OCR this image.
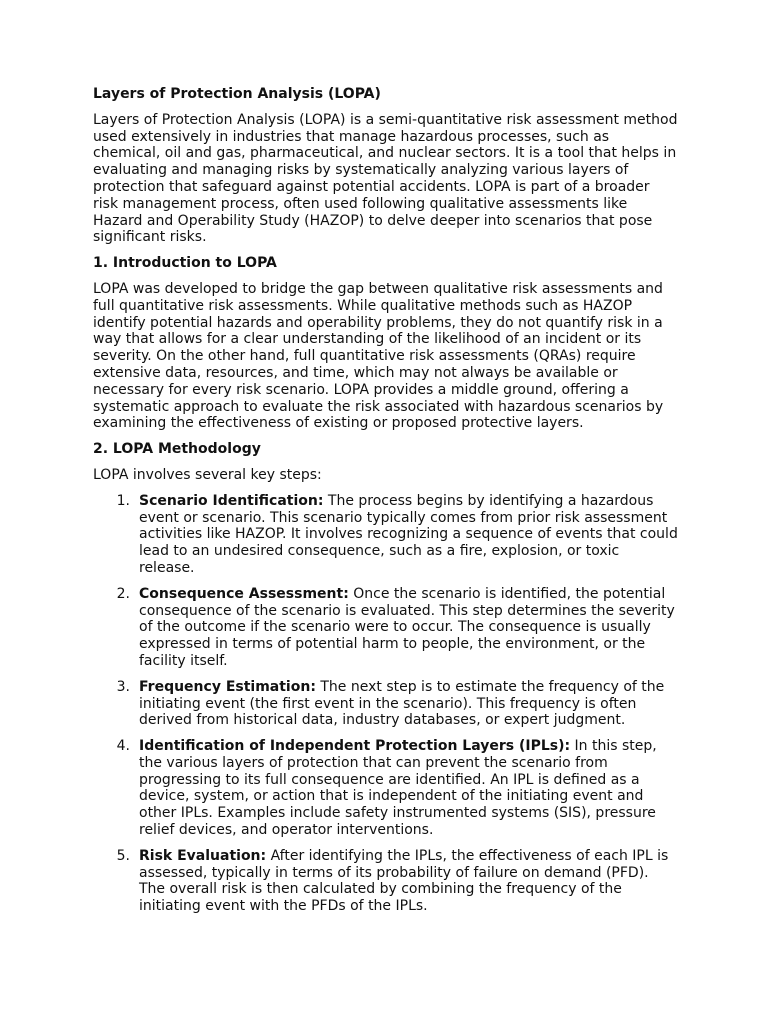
Layers of Protection Analysis (LOPA)

Layers of Protection Analysis (LOPA) is a semi-quantitative risk assessment method used extensively in industries that manage hazardous processes, such as chemical, oil and gas, pharmaceutical, and nuclear sectors. It is a tool that helps in evaluating and managing risks by systematically analyzing various layers of protection that safeguard against potential accidents. LOPA is part of a broader risk management process, often used following qualitative assessments like Hazard and Operability Study (HAZOP) to delve deeper into scenarios that pose significant risks.

1. Introduction to LOPA

LOPA was developed to bridge the gap between qualitative risk assessments and full quantitative risk assessments. While qualitative methods such as HAZOP identify potential hazards and operability problems, they do not quantify risk in a way that allows for a clear understanding of the likelihood of an incident or its severity. On the other hand, full quantitative risk assessments (QRAs) require extensive data, resources, and time, which may not always be available or necessary for every risk scenario. LOPA provides a middle ground, offering a systematic approach to evaluate the risk associated with hazardous scenarios by examining the effectiveness of existing or proposed protective layers.

2. LOPA Methodology

LOPA involves several key steps:

1. Scenario Identification: The process begins by identifying a hazardous event or scenario. This scenario typically comes from prior risk assessment activities like HAZOP. It involves recognizing a sequence of events that could lead to an undesired consequence, such as a fire, explosion, or toxic release.
2. Consequence Assessment: Once the scenario is identified, the potential consequence of the scenario is evaluated. This step determines the severity of the outcome if the scenario were to occur. The consequence is usually expressed in terms of potential harm to people, the environment, or the facility itself.
3. Frequency Estimation: The next step is to estimate the frequency of the initiating event (the first event in the scenario). This frequency is often derived from historical data, industry databases, or expert judgment.
4. Identification of Independent Protection Layers (IPLs): In this step, the various layers of protection that can prevent the scenario from progressing to its full consequence are identified. An IPL is defined as a device, system, or action that is independent of the initiating event and other IPLs. Examples include safety instrumented systems (SIS), pressure relief devices, and operator interventions.
5. Risk Evaluation: After identifying the IPLs, the effectiveness of each IPL is assessed, typically in terms of its probability of failure on demand (PFD). The overall risk is then calculated by combining the frequency of the initiating event with the PFDs of the IPLs.
